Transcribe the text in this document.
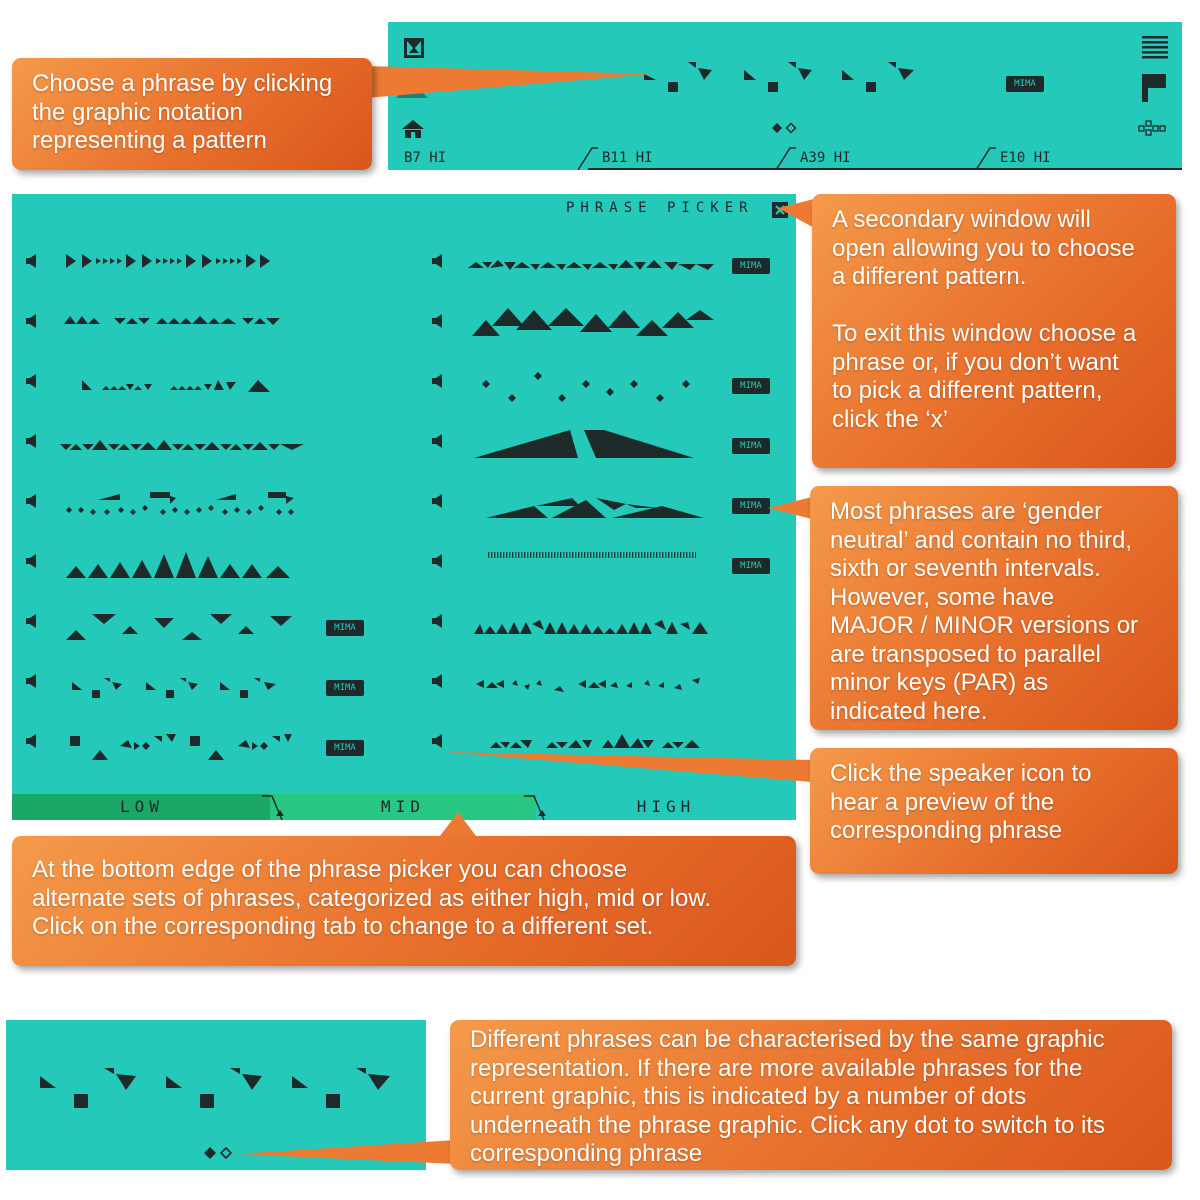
MIMA
B7 HI	B11 HI	A39 HI	E10 HI
PHRASE PICKER
MIMA
MIMA
MIMA
MIMA
MIMA
MIMA
MIMA
MIMA
LOW	MID	HIGH
Choose a phrase by clicking
the graphic notation
representing a pattern
A secondary window will
open allowing you to choose
a different pattern.

To exit this window choose a
phrase or, if you don’t want
to pick a different pattern,
click the ‘x’
Most phrases are ‘gender
neutral’ and contain no third,
sixth or seventh intervals.
However, some have
MAJOR / MINOR versions or
are transposed to parallel
minor keys (PAR) as
indicated here.
Click the speaker icon to
hear a preview of the
corresponding phrase
At the bottom edge of the phrase picker you can choose
alternate sets of phrases, categorized as either high, mid or low.
Click on the corresponding tab to change to a different set.
Different phrases can be characterised by the same graphic
representation. If there are more available phrases for the
current graphic, this is indicated by a number of dots
underneath the phrase graphic. Click any dot to switch to its
corresponding phrase
